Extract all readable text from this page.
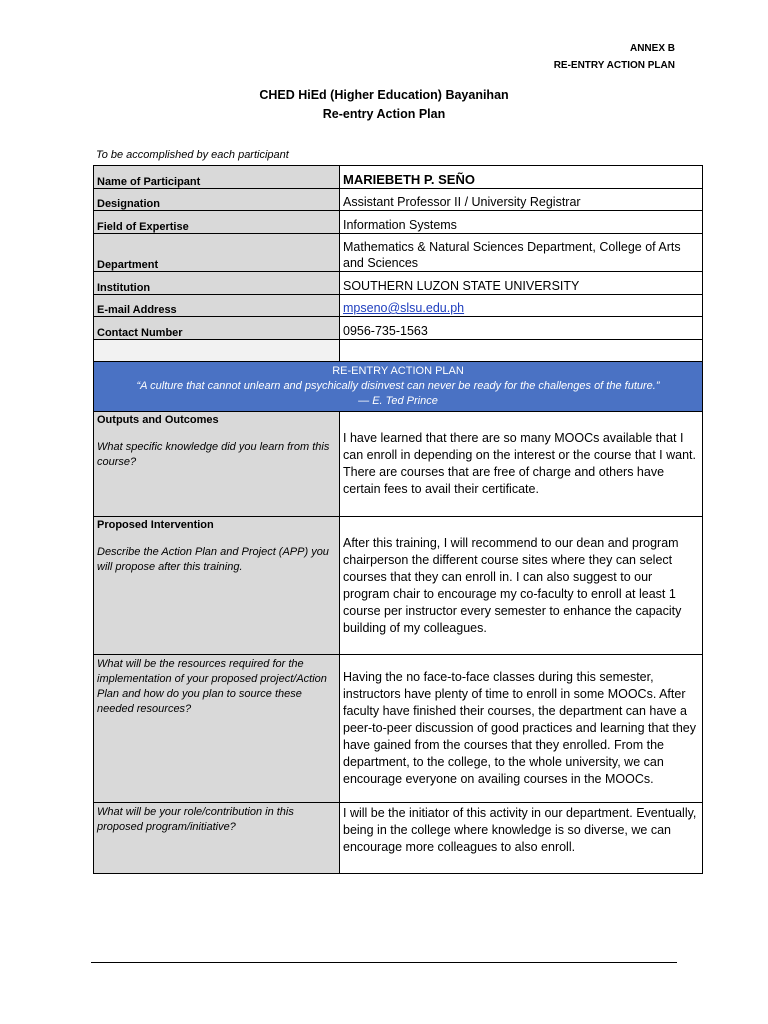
ANNEX B
RE-ENTRY ACTION PLAN
CHED HiEd (Higher Education) Bayanihan
Re-entry Action Plan
To be accomplished by each participant
Name of Participant	MARIEBETH P. SEÑO
Designation	Assistant Professor II / University Registrar
Field of Expertise	Information Systems
Department	Mathematics & Natural Sciences Department, College of Arts and Sciences
Institution	SOUTHERN LUZON STATE UNIVERSITY
E-mail Address	mpseno@slsu.edu.ph
Contact Number	0956-735-1563

RE-ENTRY ACTION PLAN
“A culture that cannot unlearn and psychically disinvest can never be ready for the challenges of the future.”
— E. Ted Prince	

Outputs and Outcomes
What specific knowledge did you learn from this course?	I have learned that there are so many MOOCs available that I can enroll in depending on the interest or the course that I want. There are courses that are free of charge and others have certain fees to avail their certificate.

Proposed Intervention
Describe the Action Plan and Project (APP) you will propose after this training.	After this training, I will recommend to our dean and program chairperson the different course sites where they can select courses that they can enroll in. I can also suggest to our program chair to encourage my co-faculty to enroll at least 1 course per instructor every semester to enhance the capacity building of my colleagues.

What will be the resources required for the implementation of your proposed project/Action Plan and how do you plan to source these needed resources?	Having the no face-to-face classes during this semester, instructors have plenty of time to enroll in some MOOCs. After faculty have finished their courses, the department can have a peer-to-peer discussion of good practices and learning that they have gained from the courses that they enrolled. From the department, to the college, to the whole university, we can encourage everyone on availing courses in the MOOCs.

What will be your role/contribution in this proposed program/initiative?	I will be the initiator of this activity in our department. Eventually, being in the college where knowledge is so diverse, we can encourage more colleagues to also enroll.
